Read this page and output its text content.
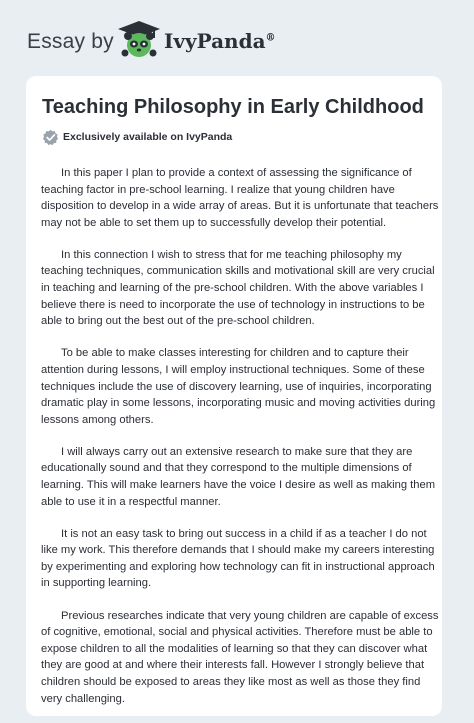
Essay by	IvyPanda®
Teaching Philosophy in Early Childhood
Exclusively available on IvyPanda

In this paper I plan to provide a context of assessing the significance of teaching factor in pre-school learning. I realize that young children have disposition to develop in a wide array of areas. But it is unfortunate that teachers may not be able to set them up to successfully develop their potential.

In this connection I wish to stress that for me teaching philosophy my teaching techniques, communication skills and motivational skill are very crucial in teaching and learning of the pre-school children. With the above variables I believe there is need to incorporate the use of technology in instructions to be able to bring out the best out of the pre-school children.

To be able to make classes interesting for children and to capture their attention during lessons, I will employ instructional techniques. Some of these techniques include the use of discovery learning, use of inquiries, incorporating dramatic play in some lessons, incorporating music and moving activities during lessons among others.

I will always carry out an extensive research to make sure that they are educationally sound and that they correspond to the multiple dimensions of learning. This will make learners have the voice I desire as well as making them able to use it in a respectful manner.

It is not an easy task to bring out success in a child if as a teacher I do not like my work. This therefore demands that I should make my careers interesting by experimenting and exploring how technology can fit in instructional approach in supporting learning.

Previous researches indicate that very young children are capable of excess of cognitive, emotional, social and physical activities. Therefore must be able to expose children to all the modalities of learning so that they can discover what they are good at and where their interests fall. However I strongly believe that children should be exposed to areas they like most as well as those they find very challenging.
